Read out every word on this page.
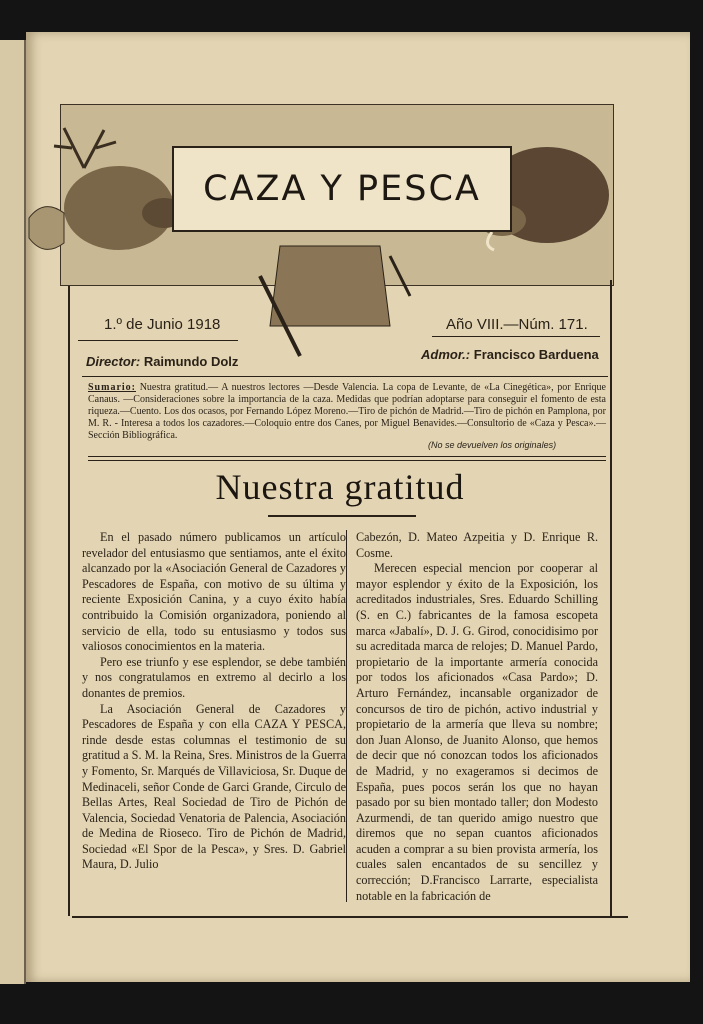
CAZA Y PESCA
1.º de Junio 1918	Año VIII.—Núm. 171.
Director: Raimundo Dolz	Admor.: Francisco Barduena
Sumario: Nuestra gratitud.— A nuestros lectores —Desde Valencia. La copa de Levante, de «La Cinegética», por Enrique Canaus. —Consideraciones sobre la importancia de la caza. Medidas que podrían adoptarse para conseguir el fomento de esta riqueza.—Cuento. Los dos ocasos, por Fernando López Moreno.—Tiro de pichón de Madrid.—Tiro de pichón en Pamplona, por M. R. - Interesa a todos los cazadores.—Coloquio entre dos Canes, por Miguel Benavides.—Consultorio de «Caza y Pesca».—Sección Bibliográfica.
(No se devuelven los originales)
Nuestra gratitud

En el pasado número publicamos un artículo revelador del entusiasmo que sentiamos, ante el éxito alcanzado por la «Asociación General de Cazadores y Pescadores de España, con motivo de su última y reciente Exposición Canina, y a cuyo éxito había contribuido la Comisión organizadora, poniendo al servicio de ella, todo su entusiasmo y todos sus valiosos conocimientos en la materia.

Pero ese triunfo y ese esplendor, se debe también y nos congratulamos en extremo al decirlo a los donantes de premios.

La Asociación General de Cazadores y Pescadores de España y con ella CAZA Y PESCA, rinde desde estas columnas el testimonio de su gratitud a S. M. la Reina, Sres. Ministros de la Guerra y Fomento, Sr. Marqués de Villaviciosa, Sr. Duque de Medinaceli, señor Conde de Garci Grande, Circulo de Bellas Artes, Real Sociedad de Tiro de Pichón de Valencia, Sociedad Venatoria de Palencia, Asociación de Medina de Rioseco. Tiro de Pichón de Madrid, Sociedad «El Spor de la Pesca», y Sres. D. Gabriel Maura, D. Julio

Cabezón, D. Mateo Azpeitia y D. Enrique R. Cosme.

Merecen especial mencion por cooperar al mayor esplendor y éxito de la Exposición, los acreditados industriales, Sres. Eduardo Schilling (S. en C.) fabricantes de la famosa escopeta marca «Jabalí», D. J. G. Girod, conocidisimo por su acreditada marca de relojes; D. Manuel Pardo, propietario de la importante armería conocida por todos los aficionados «Casa Pardo»; D. Arturo Fernández, incansable organizador de concursos de tiro de pichón, activo industrial y propietario de la armería que lleva su nombre; don Juan Alonso, de Juanito Alonso, que hemos de decir que nó conozcan todos los aficionados de Madrid, y no exageramos si decimos de España, pues pocos serán los que no hayan pasado por su bien montado taller; don Modesto Azurmendi, de tan querido amigo nuestro que diremos que no sepan cuantos aficionados acuden a comprar a su bien provista armería, los cuales salen encantados de su sencillez y corrección; D.Francisco Larrarte, especialista notable en la fabricación de
